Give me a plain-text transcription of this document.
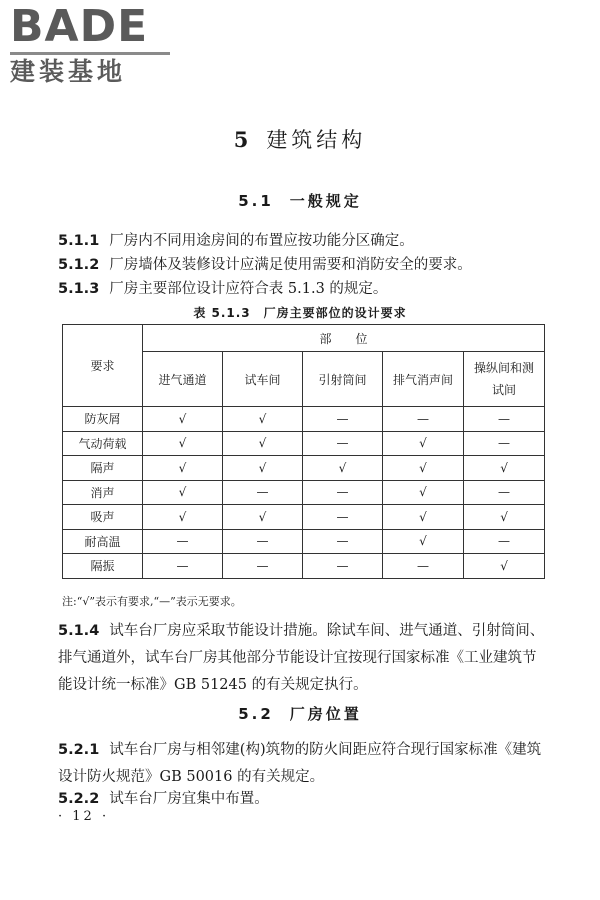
BADE
建装基地
5 建筑结构
5.1 一般规定

5.1.1 厂房内不同用途房间的布置应按功能分区确定。

5.1.2 厂房墙体及装修设计应满足使用需要和消防安全的要求。

5.1.3 厂房主要部位设计应符合表 5.1.3 的规定。

表 5.1.3　厂房主要部位的设计要求
要求	部　　位				
	进气通道	试车间	引射筒间	排气消声间	操纵间和测试间
防灰屑	√	√	—	—	—
气动荷载	√	√	—	√	—
隔声	√	√	√	√	√
消声	√	—	—	√	—
吸声	√	√	—	√	√
耐高温	—	—	—	√	—
隔振	—	—	—	—	√
注:“√”表示有要求,“—”表示无要求。

5.1.4 试车台厂房应采取节能设计措施。除试车间、进气通道、引射筒间、排气通道外，试车台厂房其他部分节能设计宜按现行国家标准《工业建筑节能设计统一标准》GB 51245 的有关规定执行。

5.2 厂房位置

5.2.1 试车台厂房与相邻建(构)筑物的防火间距应符合现行国家标准《建筑设计防火规范》GB 50016 的有关规定。

5.2.2 试车台厂房宜集中布置。

· 12 ·
